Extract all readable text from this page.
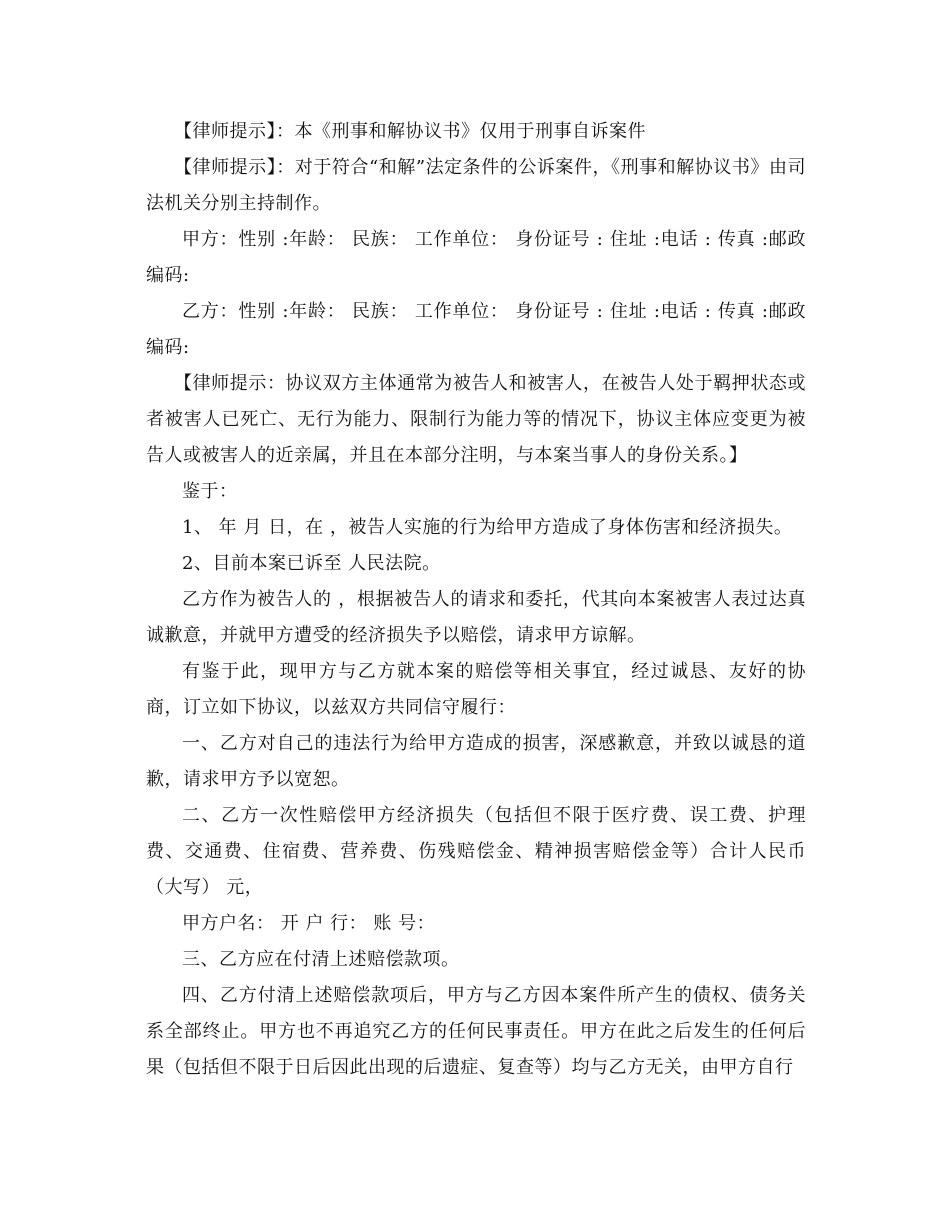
【律师提示】：本《刑事和解协议书》仅用于刑事自诉案件

【律师提示】：对于符合“和解”法定条件的公诉案件，《刑事和解协议书》由司法机关分别主持制作。

甲方：性别 :年龄： 民族： 工作单位： 身份证号 : 住址 :电话 : 传真 :邮政编码:

乙方：性别 :年龄： 民族： 工作单位： 身份证号 : 住址 :电话 : 传真 :邮政编码:

【律师提示：协议双方主体通常为被告人和被害人，在被告人处于羁押状态或者被害人已死亡、无行为能力、限制行为能力等的情况下，协议主体应变更为被告人或被害人的近亲属，并且在本部分注明，与本案当事人的身份关系。】

鉴于：

1、 年 月 日，在 ，被告人实施的行为给甲方造成了身体伤害和经济损失。

2、目前本案已诉至 人民法院。

乙方作为被告人的 ，根据被告人的请求和委托，代其向本案被害人表过达真诚歉意，并就甲方遭受的经济损失予以赔偿，请求甲方谅解。

有鉴于此，现甲方与乙方就本案的赔偿等相关事宜，经过诚恳、友好的协商，订立如下协议，以兹双方共同信守履行：

一、乙方对自己的违法行为给甲方造成的损害，深感歉意，并致以诚恳的道歉，请求甲方予以宽恕。

二、乙方一次性赔偿甲方经济损失（包括但不限于医疗费、误工费、护理费、交通费、住宿费、营养费、伤残赔偿金、精神损害赔偿金等）合计人民币（大写） 元，

甲方户名： 开 户 行： 账 号：

三、乙方应在付清上述赔偿款项。

四、乙方付清上述赔偿款项后，甲方与乙方因本案件所产生的债权、债务关系全部终止。甲方也不再追究乙方的任何民事责任。甲方在此之后发生的任何后果（包括但不限于日后因此出现的后遗症、复查等）均与乙方无关，由甲方自行
